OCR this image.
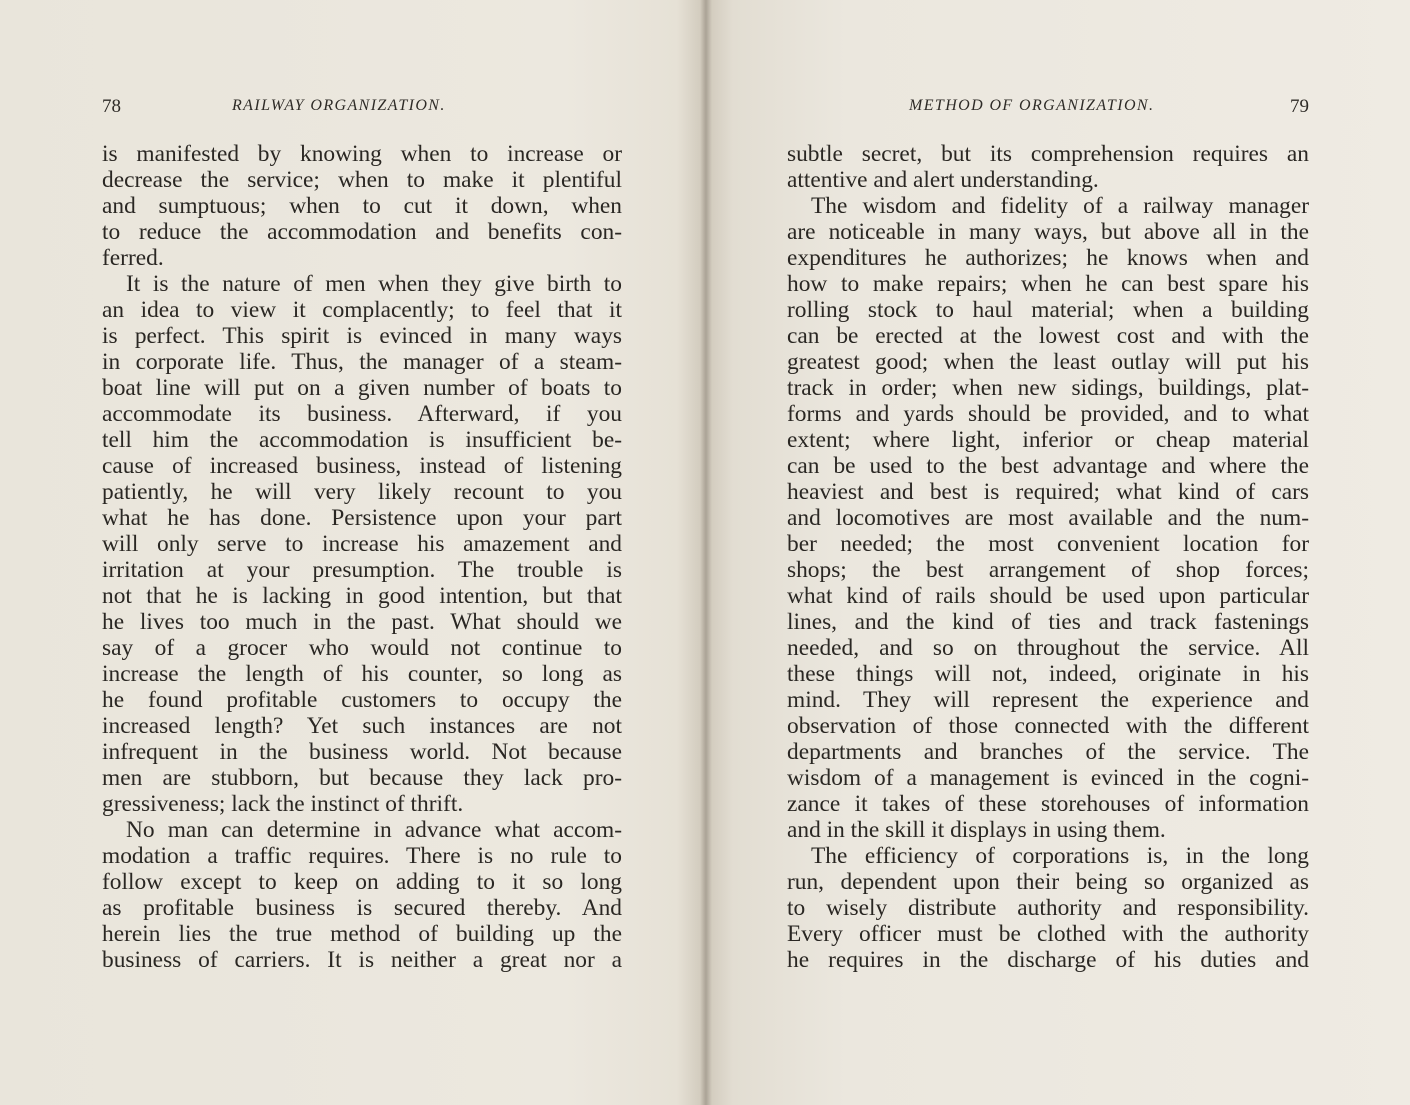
78	RAILWAY ORGANIZATION.
is manifested by knowing when to increase or
decrease the service; when to make it plentiful
and sumptuous; when to cut it down, when
to reduce the accommodation and benefits con-
ferred.
It is the nature of men when they give birth to
an idea to view it complacently; to feel that it
is perfect. This spirit is evinced in many ways
in corporate life. Thus, the manager of a steam-
boat line will put on a given number of boats to
accommodate its business. Afterward, if you
tell him the accommodation is insufficient be-
cause of increased business, instead of listening
patiently, he will very likely recount to you
what he has done. Persistence upon your part
will only serve to increase his amazement and
irritation at your presumption. The trouble is
not that he is lacking in good intention, but that
he lives too much in the past. What should we
say of a grocer who would not continue to
increase the length of his counter, so long as
he found profitable customers to occupy the
increased length? Yet such instances are not
infrequent in the business world. Not because
men are stubborn, but because they lack pro-
gressiveness; lack the instinct of thrift.
No man can determine in advance what accom-
modation a traffic requires. There is no rule to
follow except to keep on adding to it so long
as profitable business is secured thereby. And
herein lies the true method of building up the
business of carriers. It is neither a great nor a
METHOD OF ORGANIZATION.	79
subtle secret, but its comprehension requires an
attentive and alert understanding.
The wisdom and fidelity of a railway manager
are noticeable in many ways, but above all in the
expenditures he authorizes; he knows when and
how to make repairs; when he can best spare his
rolling stock to haul material; when a building
can be erected at the lowest cost and with the
greatest good; when the least outlay will put his
track in order; when new sidings, buildings, plat-
forms and yards should be provided, and to what
extent; where light, inferior or cheap material
can be used to the best advantage and where the
heaviest and best is required; what kind of cars
and locomotives are most available and the num-
ber needed; the most convenient location for
shops; the best arrangement of shop forces;
what kind of rails should be used upon particular
lines, and the kind of ties and track fastenings
needed, and so on throughout the service. All
these things will not, indeed, originate in his
mind. They will represent the experience and
observation of those connected with the different
departments and branches of the service. The
wisdom of a management is evinced in the cogni-
zance it takes of these storehouses of information
and in the skill it displays in using them.
The efficiency of corporations is, in the long
run, dependent upon their being so organized as
to wisely distribute authority and responsibility.
Every officer must be clothed with the authority
he requires in the discharge of his duties and
